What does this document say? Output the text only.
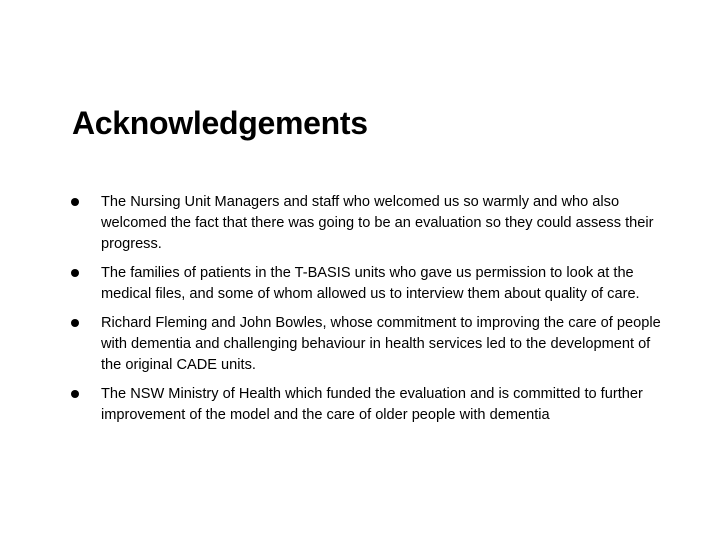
Acknowledgements
The Nursing Unit Managers and staff who welcomed us so warmly and who also welcomed the fact that there was going to be an evaluation so they could assess their progress.
The families of patients in the T-BASIS units who gave us permission to look at the medical files, and some of whom allowed us to interview them about quality of care.
Richard Fleming and John Bowles, whose commitment to improving the care of people with dementia and challenging behaviour in health services led to the development of the original CADE units.
The NSW Ministry of Health which funded the evaluation and is committed to further improvement of the model and the care of older people with dementia
